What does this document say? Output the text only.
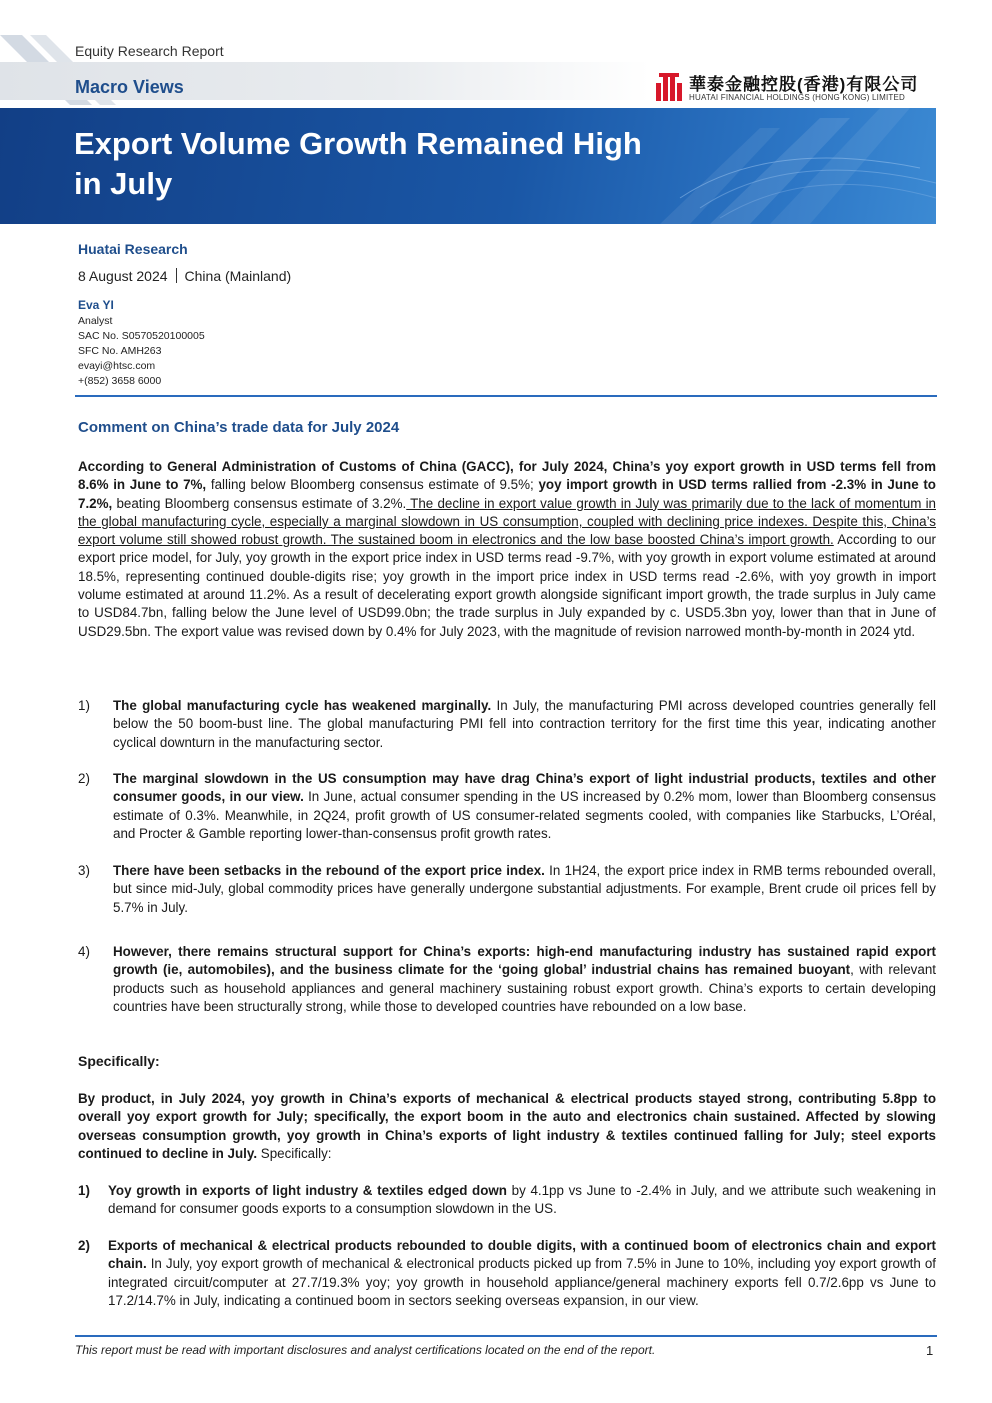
Equity Research Report
Macro Views	華泰金融控股(香港)有限公司
HUATAI FINANCIAL HOLDINGS (HONG KONG) LIMITED
Export Volume Growth Remained High in July
Huatai Research
8 August 2024 China (Mainland)
Eva YI
Analyst
SAC No. S0570520100005
SFC No. AMH263
evayi@htsc.com
+(852) 3658 6000
Comment on China’s trade data for July 2024
According to General Administration of Customs of China (GACC), for July 2024, China’s yoy export growth in USD terms fell from 8.6% in June to 7%, falling below Bloomberg consensus estimate of 9.5%; yoy import growth in USD terms rallied from -2.3% in June to 7.2%, beating Bloomberg consensus estimate of 3.2%. The decline in export value growth in July was primarily due to the lack of momentum in the global manufacturing cycle, especially a marginal slowdown in US consumption, coupled with declining price indexes. Despite this, China’s export volume still showed robust growth. The sustained boom in electronics and the low base boosted China’s import growth. According to our export price model, for July, yoy growth in the export price index in USD terms read -9.7%, with yoy growth in export volume estimated at around 18.5%, representing continued double-digits rise; yoy growth in the import price index in USD terms read -2.6%, with yoy growth in import volume estimated at around 11.2%. As a result of decelerating export growth alongside significant import growth, the trade surplus in July came to USD84.7bn, falling below the June level of USD99.0bn; the trade surplus in July expanded by c. USD5.3bn yoy, lower than that in June of USD29.5bn. The export value was revised down by 0.4% for July 2023, with the magnitude of revision narrowed month-by-month in 2024 ytd.
1) The global manufacturing cycle has weakened marginally. In July, the manufacturing PMI across developed countries generally fell below the 50 boom-bust line. The global manufacturing PMI fell into contraction territory for the first time this year, indicating another cyclical downturn in the manufacturing sector.
2) The marginal slowdown in the US consumption may have drag China’s export of light industrial products, textiles and other consumer goods, in our view. In June, actual consumer spending in the US increased by 0.2% mom, lower than Bloomberg consensus estimate of 0.3%. Meanwhile, in 2Q24, profit growth of US consumer-related segments cooled, with companies like Starbucks, L’Oréal, and Procter & Gamble reporting lower-than-consensus profit growth rates.
3) There have been setbacks in the rebound of the export price index. In 1H24, the export price index in RMB terms rebounded overall, but since mid-July, global commodity prices have generally undergone substantial adjustments. For example, Brent crude oil prices fell by 5.7% in July.
4) However, there remains structural support for China’s exports: high-end manufacturing industry has sustained rapid export growth (ie, automobiles), and the business climate for the ‘going global’ industrial chains has remained buoyant, with relevant products such as household appliances and general machinery sustaining robust export growth. China’s exports to certain developing countries have been structurally strong, while those to developed countries have rebounded on a low base.
Specifically:
By product, in July 2024, yoy growth in China’s exports of mechanical & electrical products stayed strong, contributing 5.8pp to overall yoy export growth for July; specifically, the export boom in the auto and electronics chain sustained. Affected by slowing overseas consumption growth, yoy growth in China’s exports of light industry & textiles continued falling for July; steel exports continued to decline in July. Specifically:
1) Yoy growth in exports of light industry & textiles edged down by 4.1pp vs June to -2.4% in July, and we attribute such weakening in demand for consumer goods exports to a consumption slowdown in the US.
2) Exports of mechanical & electrical products rebounded to double digits, with a continued boom of electronics chain and export chain. In July, yoy export growth of mechanical & electronical products picked up from 7.5% in June to 10%, including yoy export growth of integrated circuit/computer at 27.7/19.3% yoy; yoy growth in household appliance/general machinery exports fell 0.7/2.6pp vs June to 17.2/14.7% in July, indicating a continued boom in sectors seeking overseas expansion, in our view.
This report must be read with important disclosures and analyst certifications located on the end of the report.	1
